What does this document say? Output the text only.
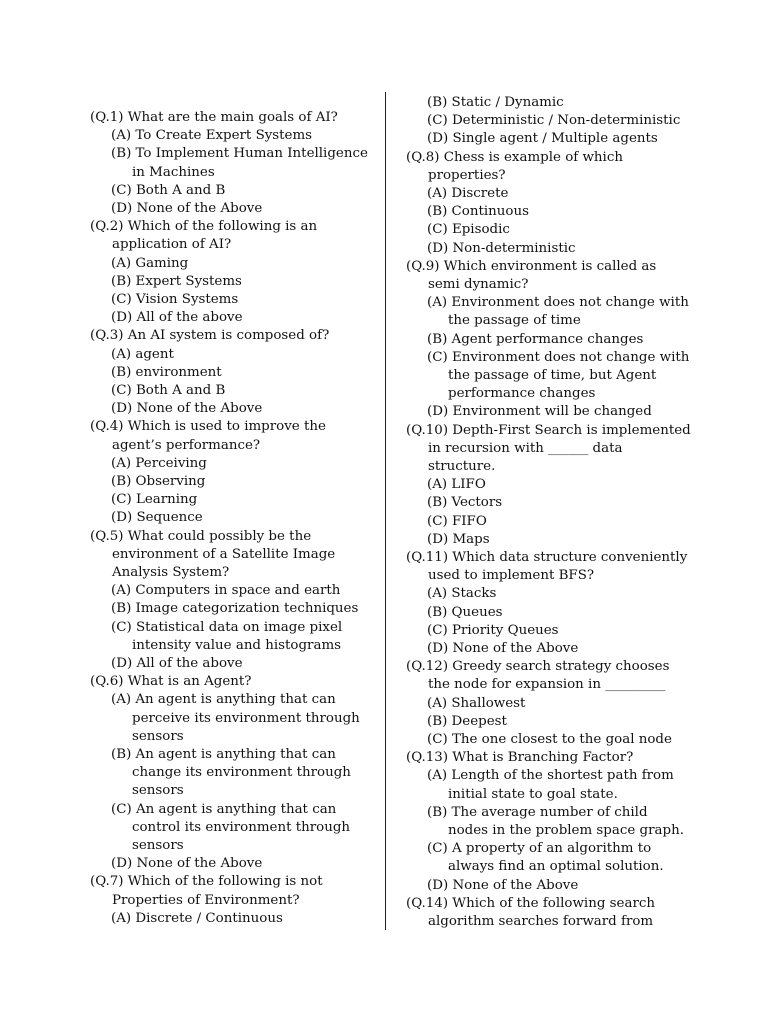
(Q.1) What are the main goals of AI?
(A) To Create Expert Systems
(B) To Implement Human Intelligence
in Machines
(C) Both A and B
(D) None of the Above
(Q.2) Which of the following is an
application of AI?
(A) Gaming
(B) Expert Systems
(C) Vision Systems
(D) All of the above
(Q.3) An AI system is composed of?
(A) agent
(B) environment
(C) Both A and B
(D) None of the Above
(Q.4) Which is used to improve the
agent’s performance?
(A) Perceiving
(B) Observing
(C) Learning
(D) Sequence
(Q.5) What could possibly be the
environment of a Satellite Image
Analysis System?
(A) Computers in space and earth
(B) Image categorization techniques
(C) Statistical data on image pixel
intensity value and histograms
(D) All of the above
(Q.6) What is an Agent?
(A) An agent is anything that can
perceive its environment through
sensors
(B) An agent is anything that can
change its environment through
sensors
(C) An agent is anything that can
control its environment through
sensors
(D) None of the Above
(Q.7) Which of the following is not
Properties of Environment?
(A) Discrete / Continuous
(B) Static / Dynamic
(C) Deterministic / Non-deterministic
(D) Single agent / Multiple agents
(Q.8) Chess is example of which
properties?
(A) Discrete
(B) Continuous
(C) Episodic
(D) Non-deterministic
(Q.9) Which environment is called as
semi dynamic?
(A) Environment does not change with
the passage of time
(B) Agent performance changes
(C) Environment does not change with
the passage of time, but Agent
performance changes
(D) Environment will be changed
(Q.10) Depth-First Search is implemented
in recursion with ______ data
structure.
(A) LIFO
(B) Vectors
(C) FIFO
(D) Maps
(Q.11) Which data structure conveniently
used to implement BFS?
(A) Stacks
(B) Queues
(C) Priority Queues
(D) None of the Above
(Q.12) Greedy search strategy chooses
the node for expansion in _________
(A) Shallowest
(B) Deepest
(C) The one closest to the goal node
(Q.13) What is Branching Factor?
(A) Length of the shortest path from
initial state to goal state.
(B) The average number of child
nodes in the problem space graph.
(C) A property of an algorithm to
always find an optimal solution.
(D) None of the Above
(Q.14) Which of the following search
algorithm searches forward from
